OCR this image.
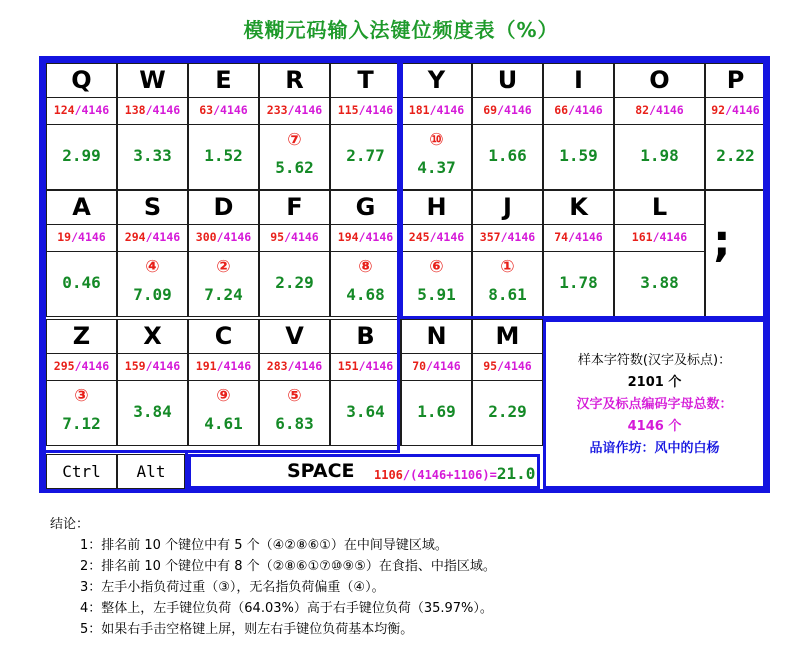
模糊元码输入法键位频度表（%）
Q
124/4146
2.99
W
138/4146
3.33
E
63/4146
1.52
R
233/4146
⑦
5.62
T
115/4146
2.77
Y
181/4146
⑩
4.37
U
69/4146
1.66
I
66/4146
1.59
O
82/4146
1.98
P
92/4146
2.22
A
19/4146
0.46
S
294/4146
④
7.09
D
300/4146
②
7.24
F
95/4146
2.29
G
194/4146
⑧
4.68
H
245/4146
⑥
5.91
J
357/4146
①
8.61
K
74/4146
1.78
L
161/4146
3.88
Z
295/4146
③
7.12
X
159/4146
3.84
C
191/4146
⑨
4.61
V
283/4146
⑤
6.83
B
151/4146
3.64
N
70/4146
1.69
M
95/4146
2.29
;
Ctrl	Alt	SPACE 1106/(4146+1106)=21.0
样本字符数(汉字及标点)：
2101 个
汉字及标点编码字母总数：
4146 个
品谙作坊：风中的白杨
结论：
1：排名前 10 个键位中有 5 个（④②⑧⑥①）在中间导键区域。
2：排名前 10 个键位中有 8 个（②⑧⑥①⑦⑩⑨⑤）在食指、中指区域。
3：左手小指负荷过重（③），无名指负荷偏重（④）。
4：整体上，左手键位负荷（64.03%）高于右手键位负荷（35.97%）。
5：如果右手击空格键上屏，则左右手键位负荷基本均衡。
